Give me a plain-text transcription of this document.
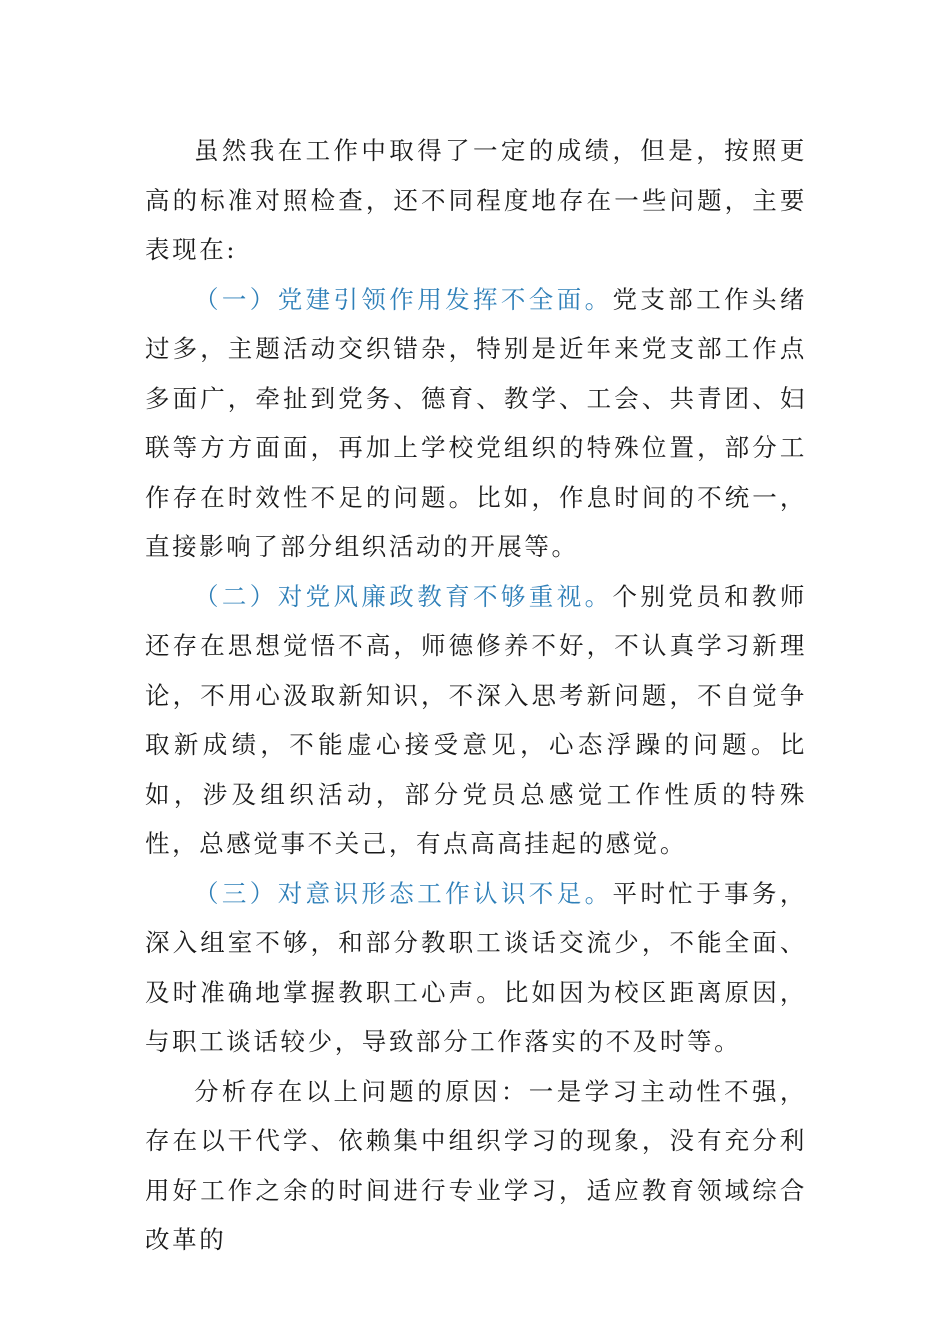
虽然我在工作中取得了一定的成绩，但是，按照更高的标准对照检查，还不同程度地存在一些问题，主要表现在:

（一）党建引领作用发挥不全面。党支部工作头绪过多，主题活动交织错杂，特别是近年来党支部工作点多面广，牵扯到党务、德育、教学、工会、共青团、妇联等方方面面，再加上学校党组织的特殊位置，部分工作存在时效性不足的问题。比如，作息时间的不统一，直接影响了部分组织活动的开展等。

（二）对党风廉政教育不够重视。个别党员和教师还存在思想觉悟不高，师德修养不好，不认真学习新理论，不用心汲取新知识，不深入思考新问题，不自觉争取新成绩，不能虚心接受意见，心态浮躁的问题。比如，涉及组织活动，部分党员总感觉工作性质的特殊性，总感觉事不关己，有点高高挂起的感觉。

（三）对意识形态工作认识不足。平时忙于事务，深入组室不够，和部分教职工谈话交流少，不能全面、及时准确地掌握教职工心声。比如因为校区距离原因，与职工谈话较少，导致部分工作落实的不及时等。

分析存在以上问题的原因：一是学习主动性不强，存在以干代学、依赖集中组织学习的现象，没有充分利用好工作之余的时间进行专业学习，适应教育领域综合改革的
